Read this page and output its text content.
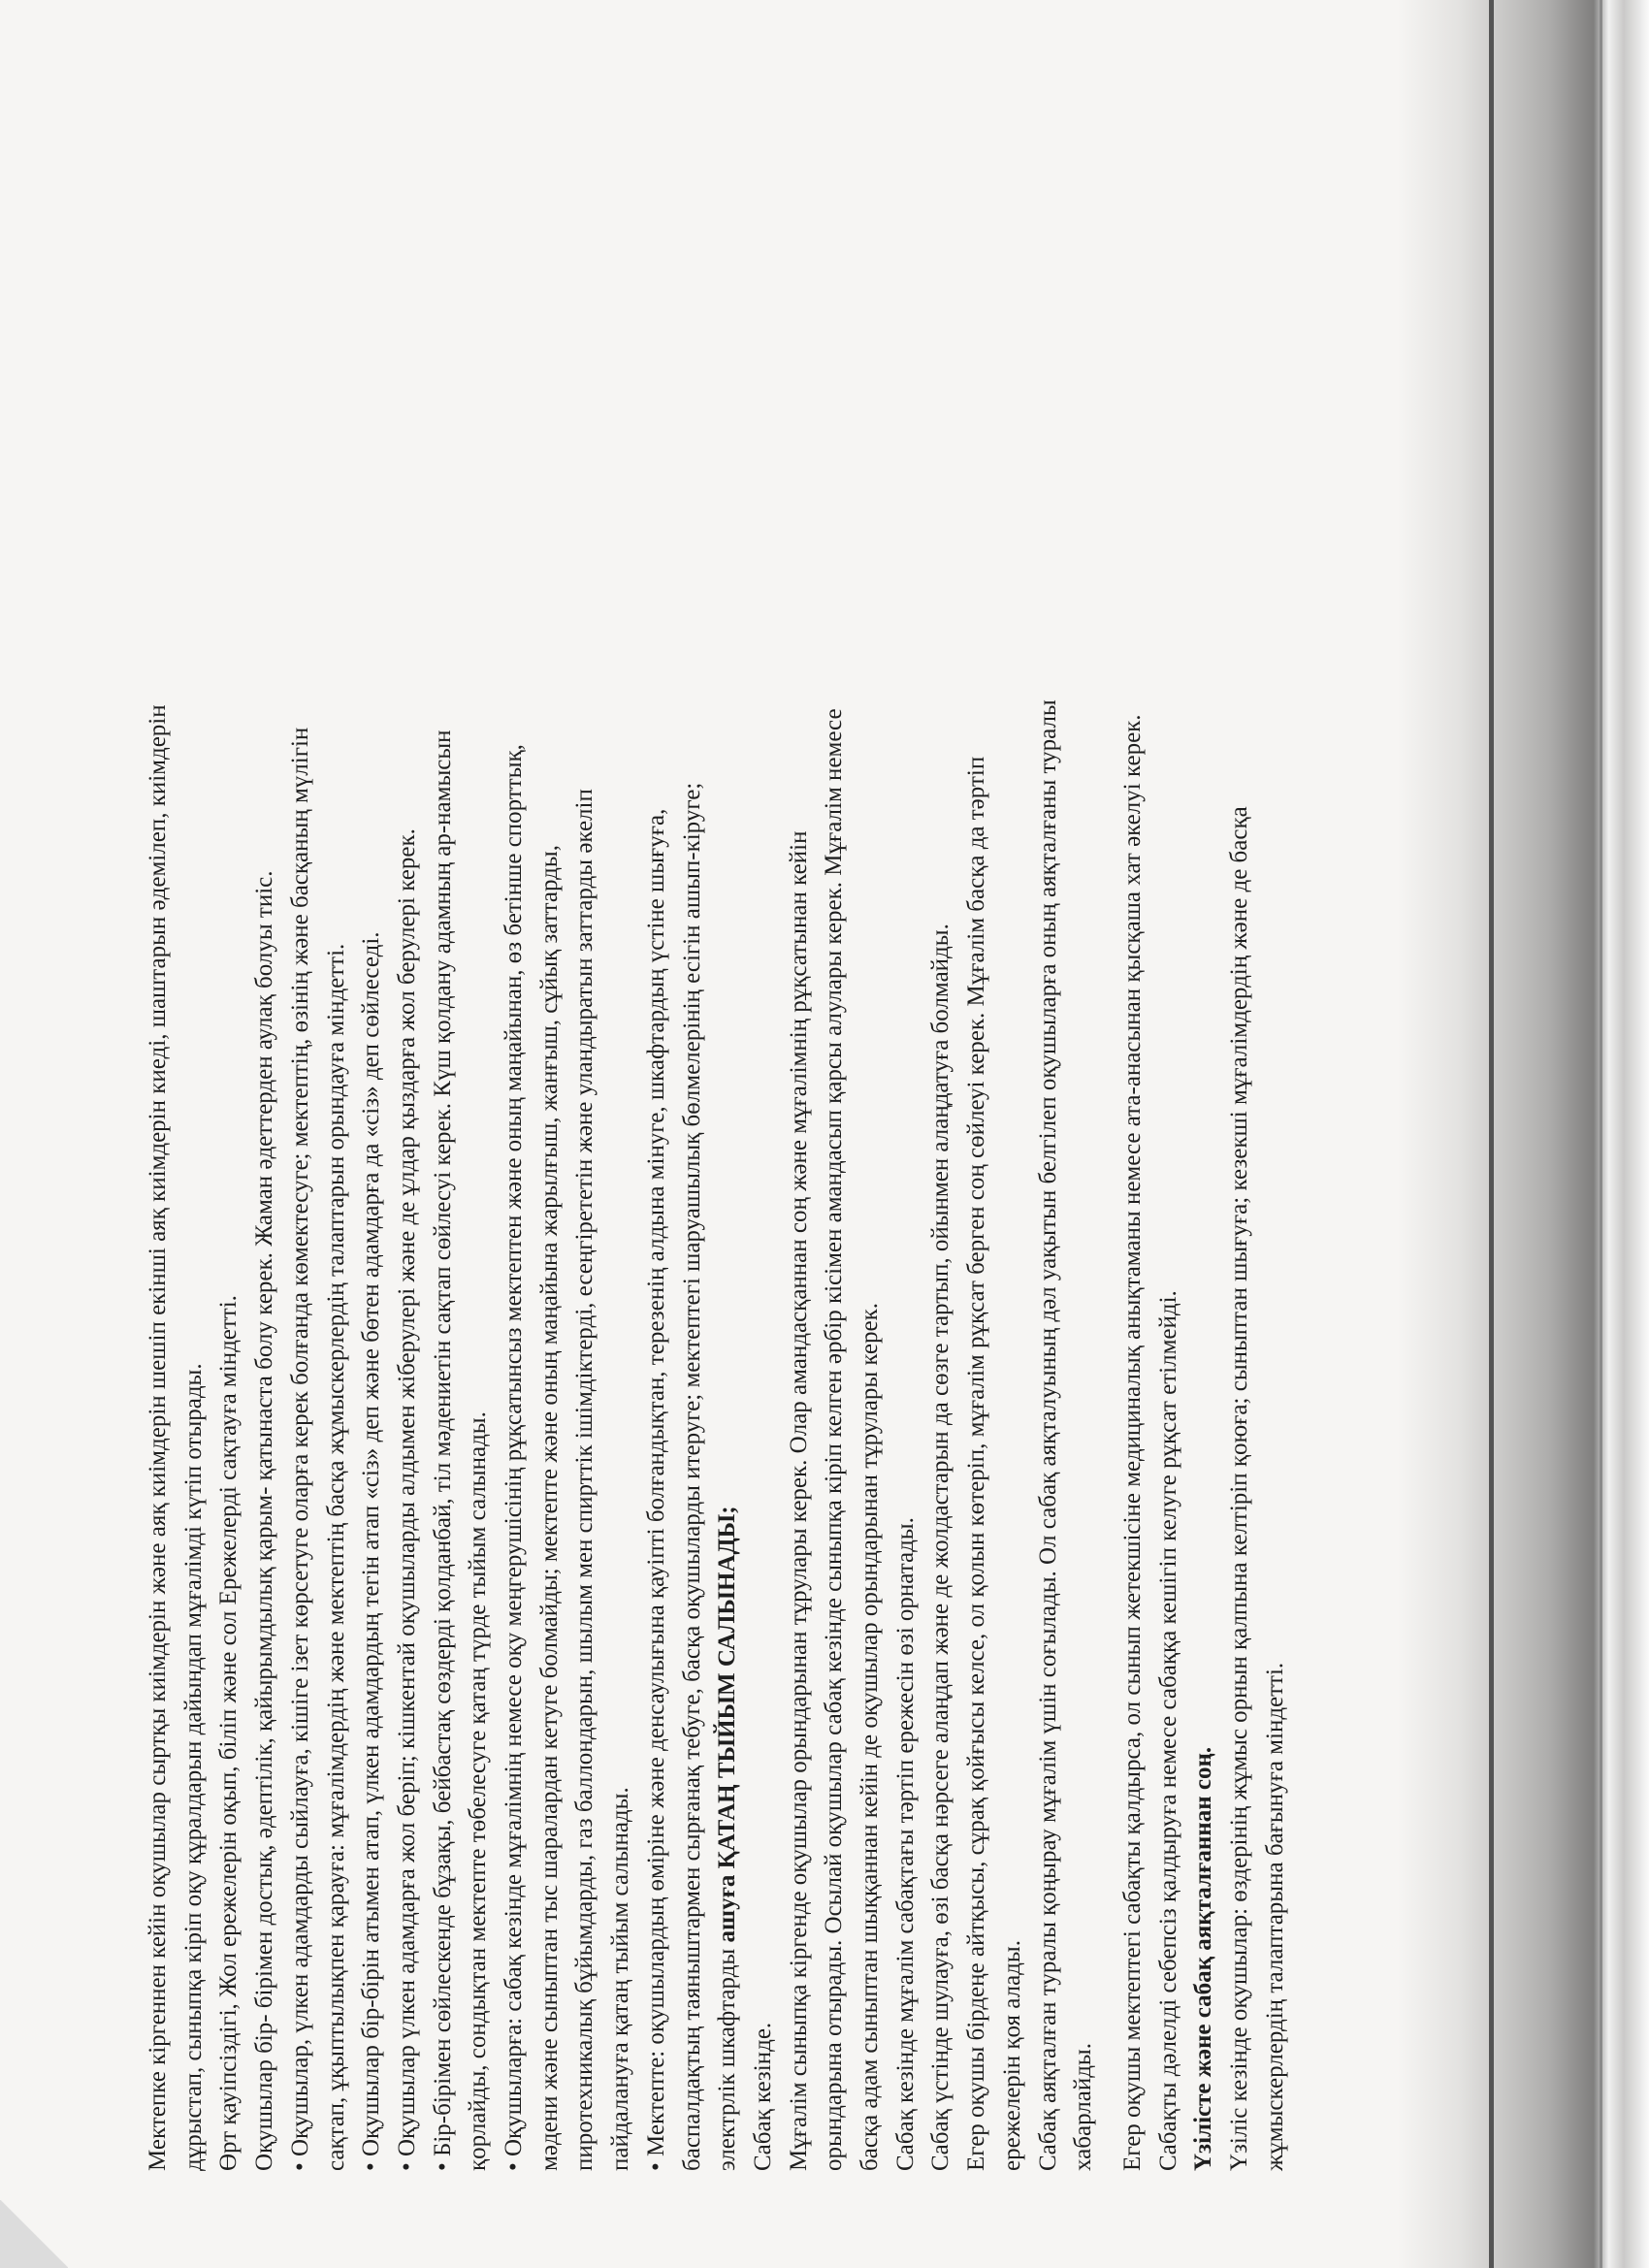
Мектепке кіргеннен кейін оқушылар сыртқы киімдерін және аяқ киімдерін шешіп екінші аяқ киімдерін киеді, шаштарын әдемілеп, киімдерін дұрыстап, сыныпқа кіріп оқу құралдарын дайындап мұғалімді күтіп отырады. Өрт қауіпсіздігі, Жол ережелерін оқып, біліп және сол Ережелерді сақтауға міндетті. Оқушылар бір- бірімен достық, әдептілік, қайырымдылық қарым- қатынаста болу керек. Жаман әдеттерден аулақ болуы тиіс. • Оқушылар, үлкен адамдарды сыйлауға, кішіге ізет көрсетуге оларға керек болғанда көмектесуге; мектептің, өзінің және басқаның мүлігін сақтап, ұқыптылықпен қарауға: мұғалімдердің және мектептің басқа жұмыскерлердің талаптарын орындауға міндетті. • Оқушылар бір-бірін атымен атап, үлкен адамдардың тегін атап «сіз» деп және бөтен адамдарға да «сіз» деп сөйлеседі. • Оқушылар үлкен адамдарға жол беріп; кішкентай оқушыларды алдымен жіберулері және де ұлдар қыздарға жол берулері керек. • Бір-бірімен сөйлескенде бұзақы, бейбастақ сөздерді қолданбай, тіл мәдениетін сақтап сөйлесуі керек. Күш қолдану адамның ар-намысын қорлайды, сондықтан мектепте төбелесуге қатаң түрде тыйым салынады. • Оқушыларға: сабақ кезінде мұғалімнің немесе оқу меңгерушісінің рұқсатынсыз мектептен және оның маңайынан, өз бетінше спорттық, мәдени және сыныптан тыс шаралардан кетуге болмайды; мектепте және оның маңайына жарылғыш, жанғыш, сұйық заттарды, пиротехникалық бұйымдарды, газ баллондарын, шылым мен спирттік ішімдіктерді, есеңгірететін және уландыратын заттарды әкеліп пайдалануға қатаң тыйым салынады. • Мектепте: оқушылардың өміріне және денсаулығына қауіпті болғандықтан, терезенің алдына мінуге, шкафтардың үстіне шығуға, баспалдақтың таяныштармен сырғанақ тебуге, басқа оқушыларды итеруге; мектептегі шаруашылық бөлмелерінің есігін ашып-кіруге; электрлік шкафтарды ашуға ҚАТАҢ ТЫЙЫМ САЛЫНАДЫ;
Сабақ кезінде. Мұғалім сыныпқа кіргенде оқушылар орындарынан тұрулары керек. Олар амандасқаннан соң және мұғалімнің рұқсатынан кейін орындарына отырады. Осылай оқушылар сабақ кезінде сыныпқа кіріп келген әрбір кісімен амандасып қарсы алулары керек. Мұғалім немесе басқа адам сыныптан шыққаннан кейін де оқушылар орындарынан тұрулары керек. Сабақ кезінде мұғалім сабақтағы тәртіп ережесін өзі орнатады. Сабақ үстінде шулауға, өзі басқа нәрсеге алаңдап және де жолдастарын да сөзге тартып, ойынмен алаңдатуға болмайды. Егер оқушы бірдеңе айтқысы, сұрақ қойғысы келсе, ол қолын көтеріп, мұғалім рұқсат берген соң сөйлеуі керек. Мұғалім басқа да тәртіп ережелерін қоя алады. Сабақ аяқталған туралы қоңырау мұғалім үшін соғылады. Ол сабақ аяқталуының дәл уақытын белгілеп оқушыларға оның аяқталғаны туралы хабарлайды. Егер оқушы мектептегі сабақты қалдырса, ол сынып жетекшісіне медициналық анықтаманы немесе ата-анасынан қысқаша хат әкелуі керек. Сабақты дәлелді себепсіз қалдыруға немесе сабаққа кешігіп келуге рұқсат етілмейді. Үзілісте және сабақ аяқталғаннан соң. Үзіліс кезінде оқушылар: өздерінің жұмыс орнын қалпына келтіріп қоюға; сыныптан шығуға; кезекші мұғалімдердің және де басқа жұмыскерлердің талаптарына бағынуға міндетті.
